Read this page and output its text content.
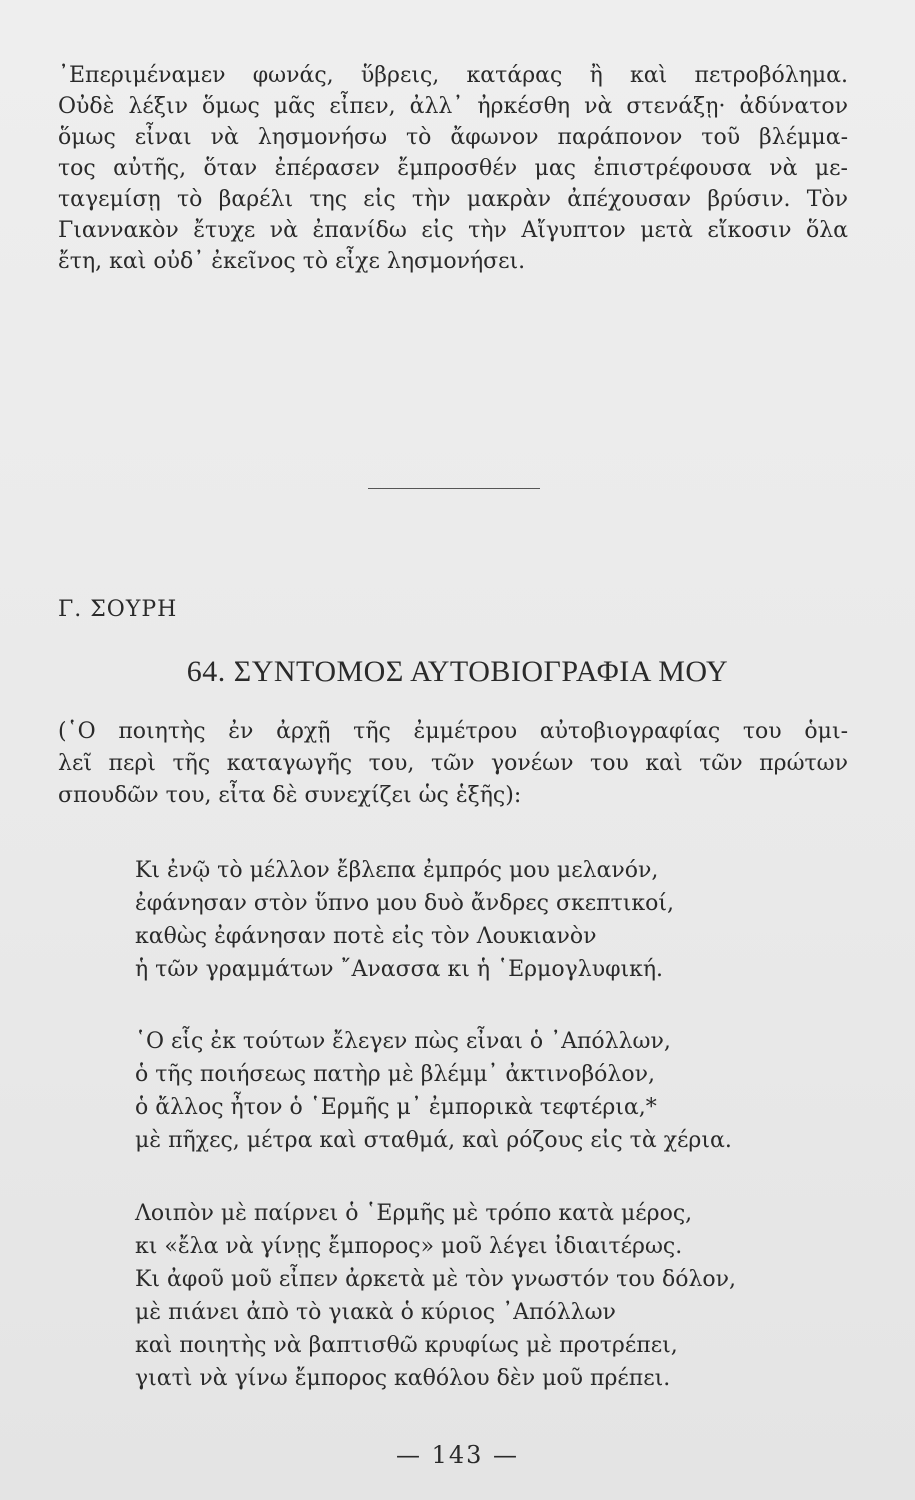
᾿Επεριμέναμεν φωνάς, ὕβρεις, κατάρας ἢ καὶ πετροβόλημα.
Οὐδὲ λέξιν ὅμως μᾶς εἶπεν, ἀλλ᾿ ἠρκέσθη νὰ στενάξῃ· ἀδύνατον
ὅμως εἶναι νὰ λησμονήσω τὸ ἄφωνον παράπονον τοῦ βλέμμα-
τος αὐτῆς, ὅταν ἐπέρασεν ἔμπροσθέν μας ἐπιστρέφουσα νὰ με-
ταγεμίσῃ τὸ βαρέλι της εἰς τὴν μακρὰν ἀπέχουσαν βρύσιν. Τὸν
Γιαννακὸν ἔτυχε νὰ ἐπανίδω εἰς τὴν Αἴγυπτον μετὰ εἴκοσιν ὅλα
ἔτη, καὶ οὐδ᾿ ἐκεῖνος τὸ εἶχε λησμονήσει.

Γ. ΣΟΥΡΗ
64. ΣΥΝΤΟΜΟΣ ΑΥΤΟΒΙΟΓΡΑΦΙΑ ΜΟΥ
(῾Ο ποιητὴς ἐν ἀρχῇ τῆς ἐμμέτρου αὐτοβιογραφίας του ὁμι-
λεῖ περὶ τῆς καταγωγῆς του, τῶν γονέων του καὶ τῶν πρώτων
σπουδῶν του, εἶτα δὲ συνεχίζει ὡς ἑξῆς):
Κι ἐνῷ τὸ μέλλον ἔβλεπα ἐμπρός μου μελανόν,
ἐφάνησαν στὸν ὕπνο μου δυὸ ἄνδρες σκεπτικοί,
καθὼς ἐφάνησαν ποτὲ εἰς τὸν Λουκιανὸν
ἡ τῶν γραμμάτων ῎Ανασσα κι ἡ ῾Ερμογλυφική.
῾Ο εἷς ἐκ τούτων ἔλεγεν πὼς εἶναι ὁ ᾿Απόλλων,
ὁ τῆς ποιήσεως πατὴρ μὲ βλέμμ᾿ ἀκτινοβόλον,
ὁ ἄλλος ἦτον ὁ ῾Ερμῆς μ᾿ ἐμπορικὰ τεφτέρια,*
μὲ πῆχες, μέτρα καὶ σταθμά, καὶ ρόζους εἰς τὰ χέρια.
Λοιπὸν μὲ παίρνει ὁ ῾Ερμῆς μὲ τρόπο κατὰ μέρος,
κι «ἔλα νὰ γίνῃς ἔμπορος» μοῦ λέγει ἰδιαιτέρως.
Κι ἀφοῦ μοῦ εἶπεν ἀρκετὰ μὲ τὸν γνωστόν του δόλον,
μὲ πιάνει ἀπὸ τὸ γιακὰ ὁ κύριος ᾿Απόλλων
καὶ ποιητὴς νὰ βαπτισθῶ κρυφίως μὲ προτρέπει,
γιατὶ νὰ γίνω ἔμπορος καθόλου δὲν μοῦ πρέπει.
— 143 —
